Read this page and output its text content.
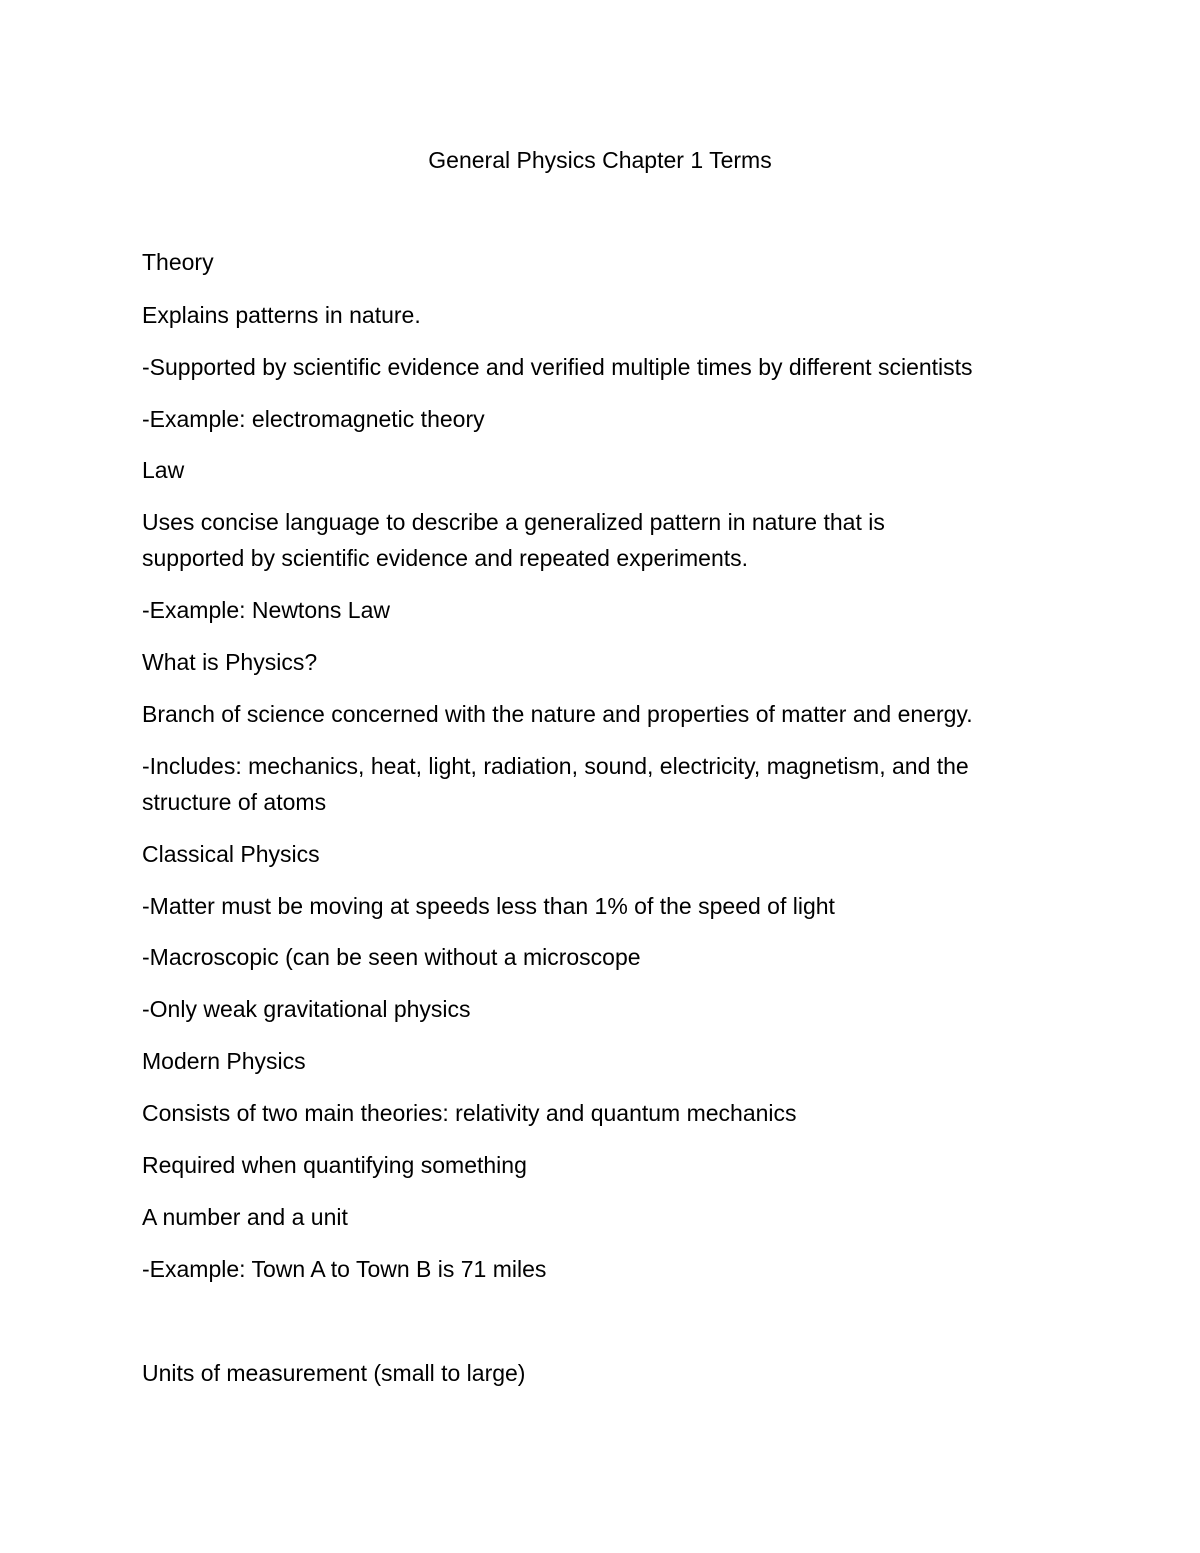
General Physics Chapter 1 Terms
Theory
Explains patterns in nature.
-Supported by scientific evidence and verified multiple times by different scientists
-Example: electromagnetic theory
Law
Uses concise language to describe a generalized pattern in nature that is
supported by scientific evidence and repeated experiments.
-Example: Newtons Law
What is Physics?
Branch of science concerned with the nature and properties of matter and energy.
-Includes: mechanics, heat, light, radiation, sound, electricity, magnetism, and the
structure of atoms
Classical Physics
-Matter must be moving at speeds less than 1% of the speed of light
-Macroscopic (can be seen without a microscope
-Only weak gravitational physics
Modern Physics
Consists of two main theories: relativity and quantum mechanics
Required when quantifying something
A number and a unit
-Example: Town A to Town B is 71 miles
Units of measurement (small to large)
